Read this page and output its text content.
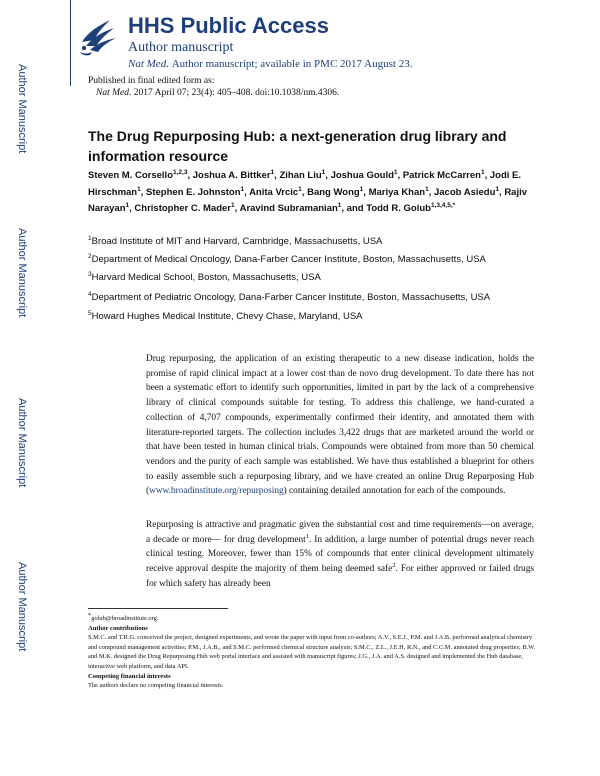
Author Manuscript
Author Manuscript
Author Manuscript
Author Manuscript
HHS Public Access
Author manuscript
Nat Med. Author manuscript; available in PMC 2017 August 23.
Published in final edited form as:
Nat Med. 2017 April 07; 23(4): 405–408. doi:10.1038/nm.4306.
The Drug Repurposing Hub: a next-generation drug library and information resource
Steven M. Corsello$^{1,2,3}$, Joshua A. Bittker$^1$, Zihan Liu$^1$, Joshua Gould$^1$, Patrick McCarren$^1$, Jodi E. Hirschman$^1$, Stephen E. Johnston$^1$, Anita Vrcic$^1$, Bang Wong$^1$, Mariya Khan$^1$, Jacob Asiedu$^1$, Rajiv Narayan$^1$, Christopher C. Mader$^1$, Aravind Subramanian$^1$, and Todd R. Golub$^{1,3,4,5,*}$
$^1$Broad Institute of MIT and Harvard, Cambridge, Massachusetts, USA
$^2$Department of Medical Oncology, Dana-Farber Cancer Institute, Boston, Massachusetts, USA
$^3$Harvard Medical School, Boston, Massachusetts, USA
$^4$Department of Pediatric Oncology, Dana-Farber Cancer Institute, Boston, Massachusetts, USA
$^5$Howard Hughes Medical Institute, Chevy Chase, Maryland, USA

Drug repurposing, the application of an existing therapeutic to a new disease indication, holds the promise of rapid clinical impact at a lower cost than de novo drug development. To date there has not been a systematic effort to identify such opportunities, limited in part by the lack of a comprehensive library of clinical compounds suitable for testing. To address this challenge, we hand-curated a collection of 4,707 compounds, experimentally confirmed their identity, and annotated them with literature-reported targets. The collection includes 3,422 drugs that are marketed around the world or that have been tested in human clinical trials. Compounds were obtained from more than 50 chemical vendors and the purity of each sample was established. We have thus established a blueprint for others to easily assemble such a repurposing library, and we have created an online Drug Repurposing Hub (www.broadinstitute.org/repurposing) containing detailed annotation for each of the compounds.

Repurposing is attractive and pragmatic given the substantial cost and time requirements—on average, a decade or more— for drug development$^1$. In addition, a large number of potential drugs never reach clinical testing. Moreover, fewer than 15% of compounds that enter clinical development ultimately receive approval despite the majority of them being deemed safe$^2$. For either approved or failed drugs for which safety has already been

*golub@broadinstitute.org.
Author contributions
S.M.C. and T.R.G. conceived the project, designed experiments, and wrote the paper with input from co-authors; A.V., S.E.J., P.M. and J.A.B. performed analytical chemistry and compound management activities; P.M., J.A.B., and S.M.C. performed chemical structure analysis; S.M.C., Z.L., J.E.H, R.N., and C.C.M. annotated drug properties; B.W. and M.K. designed the Drug Repurposing Hub web portal interface and assisted with manuscript figures; J.G., J.A. and A.S. designed and implemented the Hub database, interactive web platform, and data API.
Competing financial interests
The authors declare no competing financial interests.
